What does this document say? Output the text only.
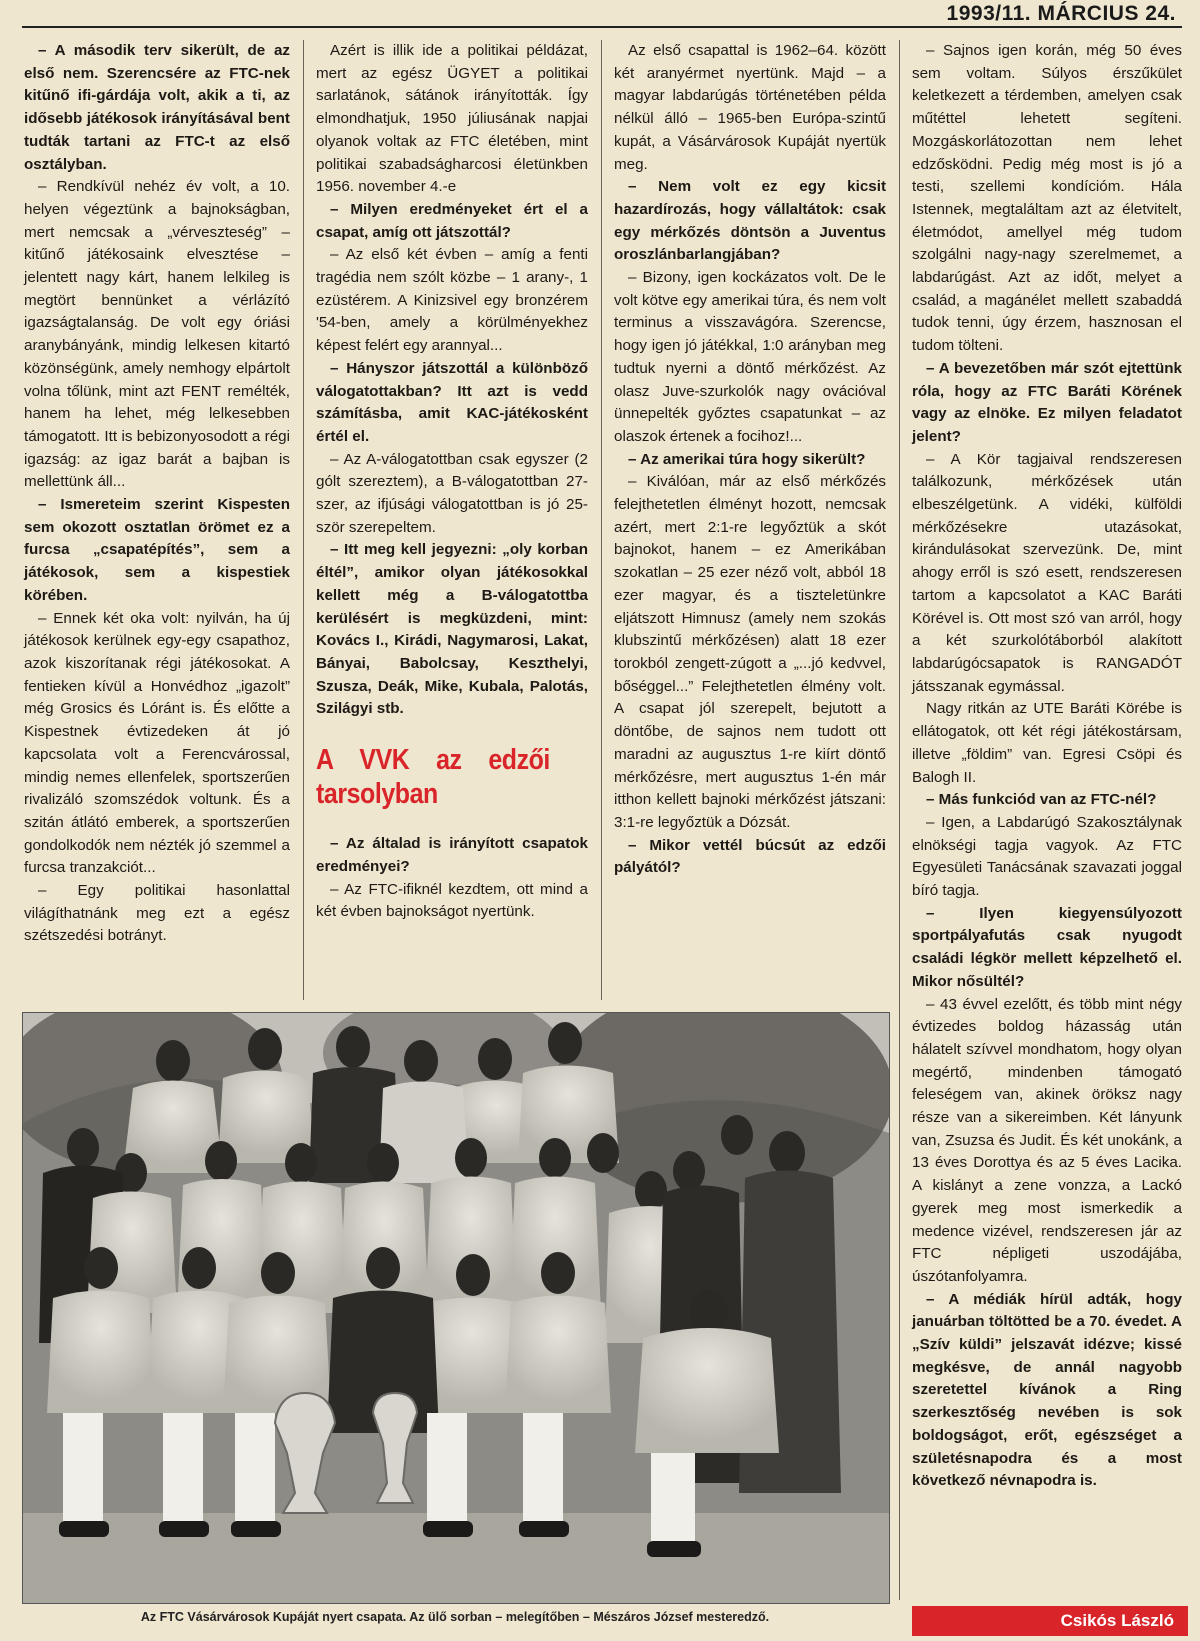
1993/11. MÁRCIUS 24.

– A második terv sikerült, de az első nem. Szerencsére az FTC-nek kitűnő ifi-gárdája volt, akik a ti, az idősebb játékosok irányításával bent tudták tartani az FTC-t az első osztályban.

– Rendkívül nehéz év volt, a 10. helyen végeztünk a bajnokságban, mert nemcsak a „vérveszteség” – kitűnő játékosaink elvesztése – jelentett nagy kárt, hanem lelkileg is megtört bennünket a vérlázító igazságtalanság. De volt egy óriási aranybányánk, mindig lelkesen kitartó közönségünk, amely nemhogy elpártolt volna tőlünk, mint azt FENT remélték, hanem ha lehet, még lelkesebben támogatott. Itt is bebizonyosodott a régi igazság: az igaz barát a bajban is mellettünk áll...

– Ismereteim szerint Kispesten sem okozott osztatlan örömet ez a furcsa „csapatépítés”, sem a játékosok, sem a kispestiek körében.

– Ennek két oka volt: nyilván, ha új játékosok kerülnek egy-egy csapathoz, azok kiszorítanak régi játékosokat. A fentieken kívül a Honvédhoz „igazolt” még Grosics és Lóránt is. És előtte a Kispestnek évtizedeken át jó kapcsolata volt a Ferencvárossal, mindig nemes ellenfelek, sportszerűen rivalizáló szomszédok voltunk. És a szitán átlátó emberek, a sportszerűen gondolkodók nem nézték jó szemmel a furcsa tranzakciót...

– Egy politikai hasonlattal világíthatnánk meg ezt a egész szétszedési botrányt.

Azért is illik ide a politikai példázat, mert az egész ÜGYET a politikai sarlatánok, sátánok irányították. Így elmondhatjuk, 1950 júliusának napjai olyanok voltak az FTC életében, mint politikai szabadságharcosi életünkben 1956. november 4.-e

– Milyen eredményeket ért el a csapat, amíg ott játszottál?

– Az első két évben – amíg a fenti tragédia nem szólt közbe – 1 arany-, 1 ezüstérem. A Kinizsivel egy bronzérem '54-ben, amely a körülményekhez képest felért egy arannyal...

– Hányszor játszottál a különböző válogatottakban? Itt azt is vedd számításba, amit KAC-játékosként értél el.

– Az A-válogatottban csak egyszer (2 gólt szereztem), a B-válogatottban 27-szer, az ifjúsági válogatottban is jó 25-ször szerepeltem.

– Itt meg kell jegyezni: „oly korban éltél”, amikor olyan játékosokkal kellett még a B-válogatottba kerülésért is megküzdeni, mint: Kovács I., Kirádi, Nagymarosi, Lakat, Bányai, Babolcsay, Keszthelyi, Szusza, Deák, Mike, Kubala, Palotás, Szilágyi stb.

A VVK az edzői tarsolyban

– Az általad is irányított csapatok eredményei?

– Az FTC-ifiknél kezdtem, ott mind a két évben bajnokságot nyertünk.

Az első csapattal is 1962–64. között két aranyérmet nyertünk. Majd – a magyar labdarúgás történetében példa nélkül álló – 1965-ben Európa-szintű kupát, a Vásárvárosok Kupáját nyertük meg.

– Nem volt ez egy kicsit hazardírozás, hogy vállaltátok: csak egy mérkőzés döntsön a Juventus oroszlánbarlangjában?

– Bizony, igen kockázatos volt. De le volt kötve egy amerikai túra, és nem volt terminus a visszavágóra. Szerencse, hogy igen jó játékkal, 1:0 arányban meg tudtuk nyerni a döntő mérkőzést. Az olasz Juve-szurkolók nagy ovációval ünnepelték győztes csapatunkat – az olaszok értenek a focihoz!...

– Az amerikai túra hogy sikerült?

– Kiválóan, már az első mérkőzés felejthetetlen élményt hozott, nemcsak azért, mert 2:1-re legyőztük a skót bajnokot, hanem – ez Amerikában szokatlan – 25 ezer néző volt, abból 18 ezer magyar, és a tiszteletünkre eljátszott Himnusz (amely nem szokás klubszintű mérkőzésen) alatt 18 ezer torokból zengett-zúgott a „...jó kedvvel, bőséggel...” Felejthetetlen élmény volt. A csapat jól szerepelt, bejutott a döntőbe, de sajnos nem tudott ott maradni az augusztus 1-re kiírt döntő mérkőzésre, mert augusztus 1-én már itthon kellett bajnoki mérkőzést játszani: 3:1-re legyőztük a Dózsát.

– Mikor vettél búcsút az edzői pályától?

– Sajnos igen korán, még 50 éves sem voltam. Súlyos érszűkület keletkezett a térdemben, amelyen csak műtéttel lehetett segíteni. Mozgáskorlátozottan nem lehet edzősködni. Pedig még most is jó a testi, szellemi kondícióm. Hála Istennek, megtaláltam azt az életvitelt, életmódot, amellyel még tudom szolgálni nagy-nagy szerelmemet, a labdarúgást. Azt az időt, melyet a család, a magánélet mellett szabaddá tudok tenni, úgy érzem, hasznosan el tudom tölteni.

– A bevezetőben már szót ejtettünk róla, hogy az FTC Baráti Körének vagy az elnöke. Ez milyen feladatot jelent?

– A Kör tagjaival rendszeresen találkozunk, mérkőzések után elbeszélgetünk. A vidéki, külföldi mérkőzésekre utazásokat, kirándulásokat szervezünk. De, mint ahogy erről is szó esett, rendszeresen tartom a kapcsolatot a KAC Baráti Körével is. Ott most szó van arról, hogy a két szurkolótáborból alakított labdarúgócsapatok is RANGADÓT játsszanak egymással.

Nagy ritkán az UTE Baráti Körébe is ellátogatok, ott két régi játékostársam, illetve „földim” van. Egresi Csöpi és Balogh II.

– Más funkciód van az FTC-nél?

– Igen, a Labdarúgó Szakosztálynak elnökségi tagja vagyok. Az FTC Egyesületi Tanácsának szavazati joggal bíró tagja.

– Ilyen kiegyensúlyozott sportpályafutás csak nyugodt családi légkör mellett képzelhető el. Mikor nősültél?

– 43 évvel ezelőtt, és több mint négy évtizedes boldog házasság után hálatelt szívvel mondhatom, hogy olyan megértő, mindenben támogató feleségem van, akinek öröksz nagy része van a sikereimben. Két lányunk van, Zsuzsa és Judit. És két unokánk, a 13 éves Dorottya és az 5 éves Lacika. A kislányt a zene vonzza, a Lackó gyerek meg most ismerkedik a medence vizével, rendszeresen jár az FTC népligeti uszodájába, úszótanfolyamra.

– A médiák hírül adták, hogy januárban töltötted be a 70. évedet. A „Szív küldi” jelszavát idézve; kissé megkésve, de annál nagyobb szeretettel kívánok a Ring szerkesztőség nevében is sok boldogságot, erőt, egészséget a születésnapodra és a most következő névnapodra is.

Az FTC Vásárvárosok Kupáját nyert csapata. Az ülő sorban – melegítőben – Mészáros József mesteredző.	Csikós László
